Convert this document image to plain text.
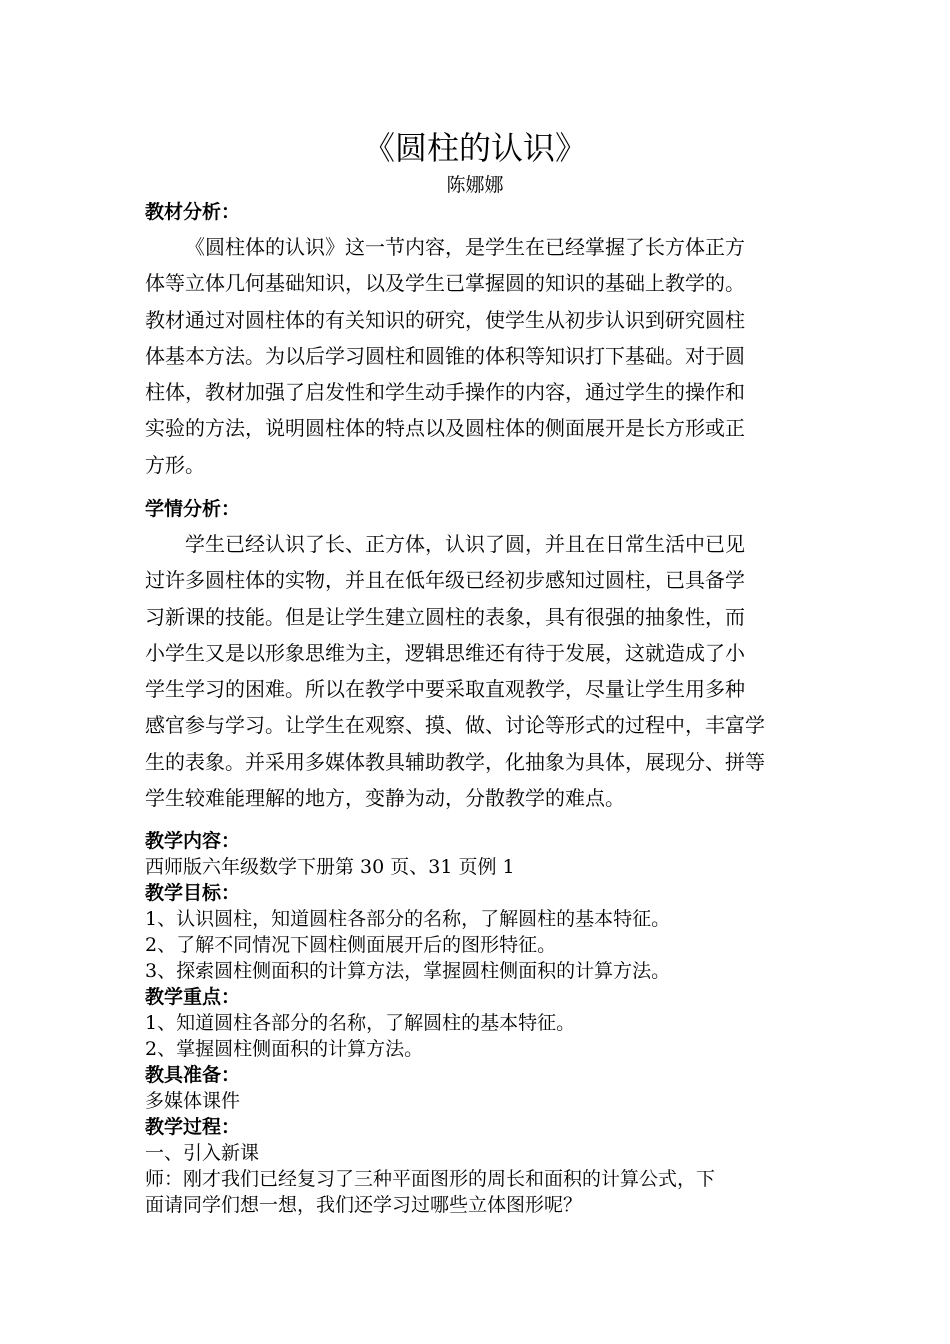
《圆柱的认识》
陈娜娜
教材分析：
《圆柱体的认识》这一节内容，是学生在已经掌握了长方体正方
体等立体几何基础知识，以及学生已掌握圆的知识的基础上教学的。
教材通过对圆柱体的有关知识的研究，使学生从初步认识到研究圆柱
体基本方法。为以后学习圆柱和圆锥的体积等知识打下基础。对于圆
柱体，教材加强了启发性和学生动手操作的内容，通过学生的操作和
实验的方法，说明圆柱体的特点以及圆柱体的侧面展开是长方形或正
方形。
学情分析：
学生已经认识了长、正方体，认识了圆，并且在日常生活中已见
过许多圆柱体的实物，并且在低年级已经初步感知过圆柱，已具备学
习新课的技能。但是让学生建立圆柱的表象，具有很强的抽象性，而
小学生又是以形象思维为主，逻辑思维还有待于发展，这就造成了小
学生学习的困难。所以在教学中要采取直观教学，尽量让学生用多种
感官参与学习。让学生在观察、摸、做、讨论等形式的过程中，丰富学
生的表象。并采用多媒体教具辅助教学，化抽象为具体，展现分、拼等
学生较难能理解的地方，变静为动，分散教学的难点。
教学内容：
西师版六年级数学下册第 30 页、31 页例 1
教学目标：
1、认识圆柱，知道圆柱各部分的名称，了解圆柱的基本特征。
2、了解不同情况下圆柱侧面展开后的图形特征。
3、探索圆柱侧面积的计算方法，掌握圆柱侧面积的计算方法。
教学重点：
1、知道圆柱各部分的名称，了解圆柱的基本特征。
2、掌握圆柱侧面积的计算方法。
教具准备：
多媒体课件
教学过程：
一、引入新课
师：刚才我们已经复习了三种平面图形的周长和面积的计算公式，下
面请同学们想一想，我们还学习过哪些立体图形呢？
